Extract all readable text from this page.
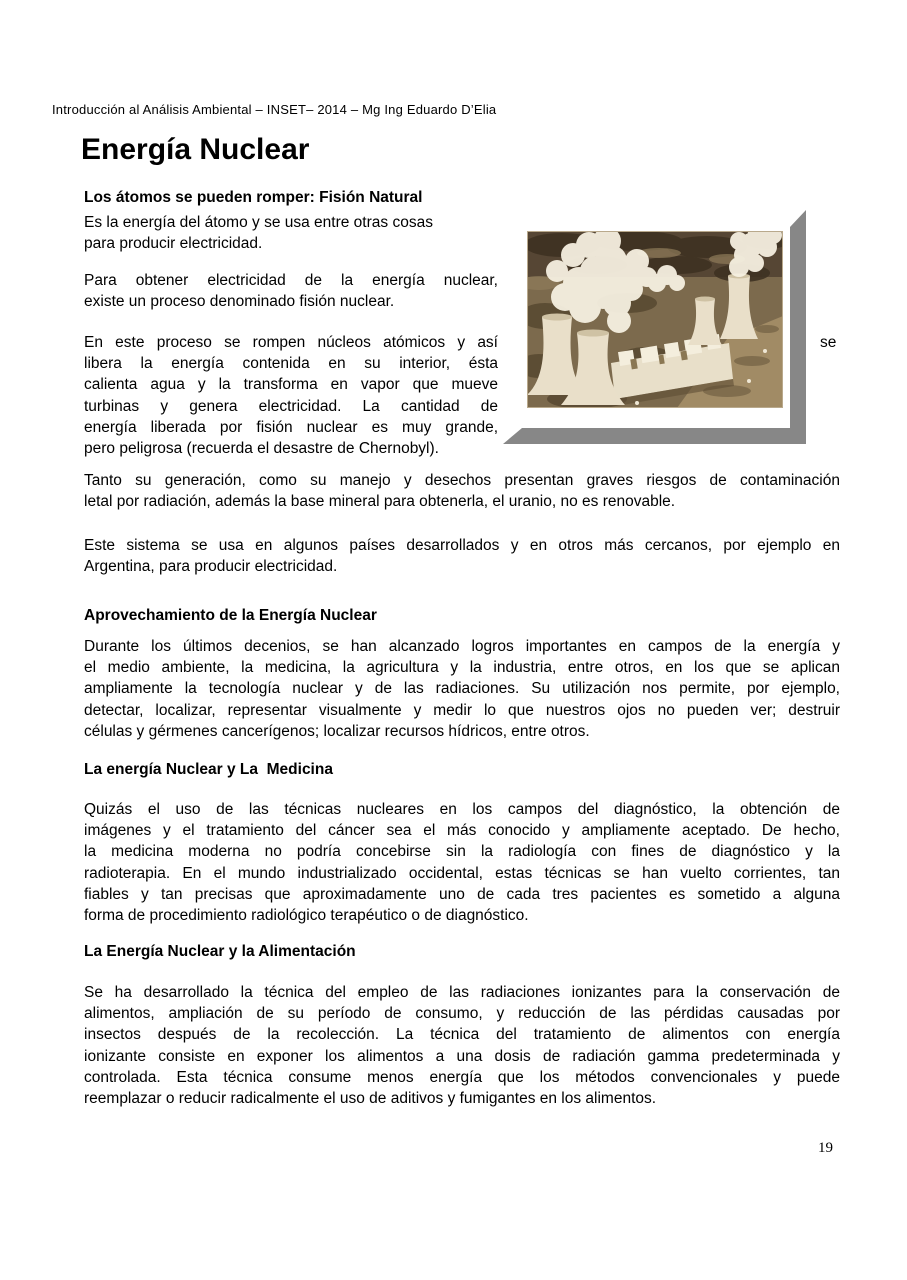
Introducción al Análisis Ambiental – INSET– 2014 – Mg Ing Eduardo D’Elia
Energía Nuclear
Los átomos se pueden romper: Fisión Natural
Es la energía del átomo y se usa entre otras cosas
para producir electricidad.
Para obtener electricidad de la energía nuclear,
existe un proceso denominado fisión nuclear.
En este proceso se rompen núcleos atómicos y así
libera la energía contenida en su interior, ésta
calienta agua y la transforma en vapor que mueve
turbinas y genera electricidad. La cantidad de
energía liberada por fisión nuclear es muy grande,
pero peligrosa (recuerda el desastre de Chernobyl).
se
Tanto su generación, como su manejo y desechos presentan graves riesgos de contaminación
letal por radiación, además la base mineral para obtenerla, el uranio, no es renovable.
Este sistema se usa en algunos países desarrollados y en otros más cercanos, por ejemplo en
Argentina, para producir electricidad.
Aprovechamiento de la Energía Nuclear
Durante los últimos decenios, se han alcanzado logros importantes en campos de la energía y
el medio ambiente, la medicina, la agricultura y la industria, entre otros, en los que se aplican
ampliamente la tecnología nuclear y de las radiaciones. Su utilización nos permite, por ejemplo,
detectar, localizar, representar visualmente y medir lo que nuestros ojos no pueden ver; destruir
células y gérmenes cancerígenos; localizar recursos hídricos, entre otros.
La energía Nuclear y La  Medicina
Quizás el uso de las técnicas nucleares en los campos del diagnóstico, la obtención de
imágenes y el tratamiento del cáncer sea el más conocido y ampliamente aceptado. De hecho,
la medicina moderna no podría concebirse sin la radiología con fines de diagnóstico y la
radioterapia. En el mundo industrializado occidental, estas técnicas se han vuelto corrientes, tan
fiables y tan precisas que aproximadamente uno de cada tres pacientes es sometido a alguna
forma de procedimiento radiológico terapéutico o de diagnóstico.
La Energía Nuclear y la Alimentación
Se ha desarrollado la técnica del empleo de las radiaciones ionizantes para la conservación de
alimentos, ampliación de su período de consumo, y reducción de las pérdidas causadas por
insectos después de la recolección. La técnica del tratamiento de alimentos con energía
ionizante consiste en exponer los alimentos a una dosis de radiación gamma predeterminada y
controlada. Esta técnica consume menos energía que los métodos convencionales y puede
reemplazar o reducir radicalmente el uso de aditivos y fumigantes en los alimentos.
19
